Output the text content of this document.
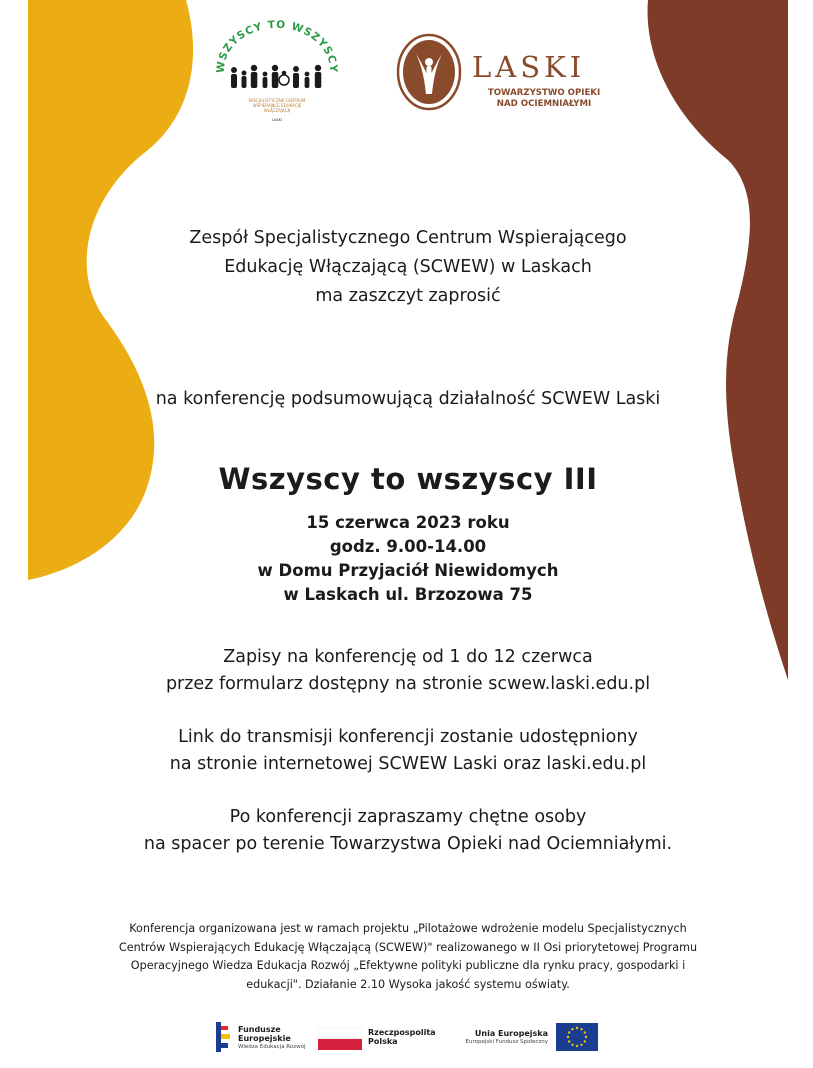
WSZYSCY TO WSZYSCY
SPECJALISTYCZNE CENTRUM
WSPIERAJĄCE EDUKACJĘ
WŁĄCZAJĄCĄ
LASKI
LASKI
TOWARZYSTWO OPIEKI
NAD OCIEMNIAŁYMI
Zespół Specjalistycznego Centrum Wspierającego
Edukację Włączającą (SCWEW) w Laskach
ma zaszczyt zaprosić
na konferencję podsumowującą działalność SCWEW Laski
Wszyscy to wszyscy III
15 czerwca 2023 roku
godz. 9.00-14.00
w Domu Przyjaciół Niewidomych
w Laskach ul. Brzozowa 75

Zapisy na konferencję od 1 do 12 czerwca
przez formularz dostępny na stronie scwew.laski.edu.pl

Link do transmisji konferencji zostanie udostępniony
na stronie internetowej SCWEW Laski oraz laski.edu.pl

Po konferencji zapraszamy chętne osoby
na spacer po terenie Towarzystwa Opieki nad Ociemniałymi.

Konferencja organizowana jest w ramach projektu „Pilotażowe wdrożenie modelu Specjalistycznych
Centrów Wspierających Edukację Włączającą (SCWEW)" realizowanego w II Osi priorytetowej Programu
Operacyjnego Wiedza Edukacja Rozwój „Efektywne polityki publiczne dla rynku pracy, gospodarki i
edukacji". Działanie 2.10 Wysoka jakość systemu oświaty.
Fundusze
Europejskie
Wiedza Edukacja Rozwój
Rzeczpospolita
Polska
Unia Europejska
Europejski Fundusz Społeczny
